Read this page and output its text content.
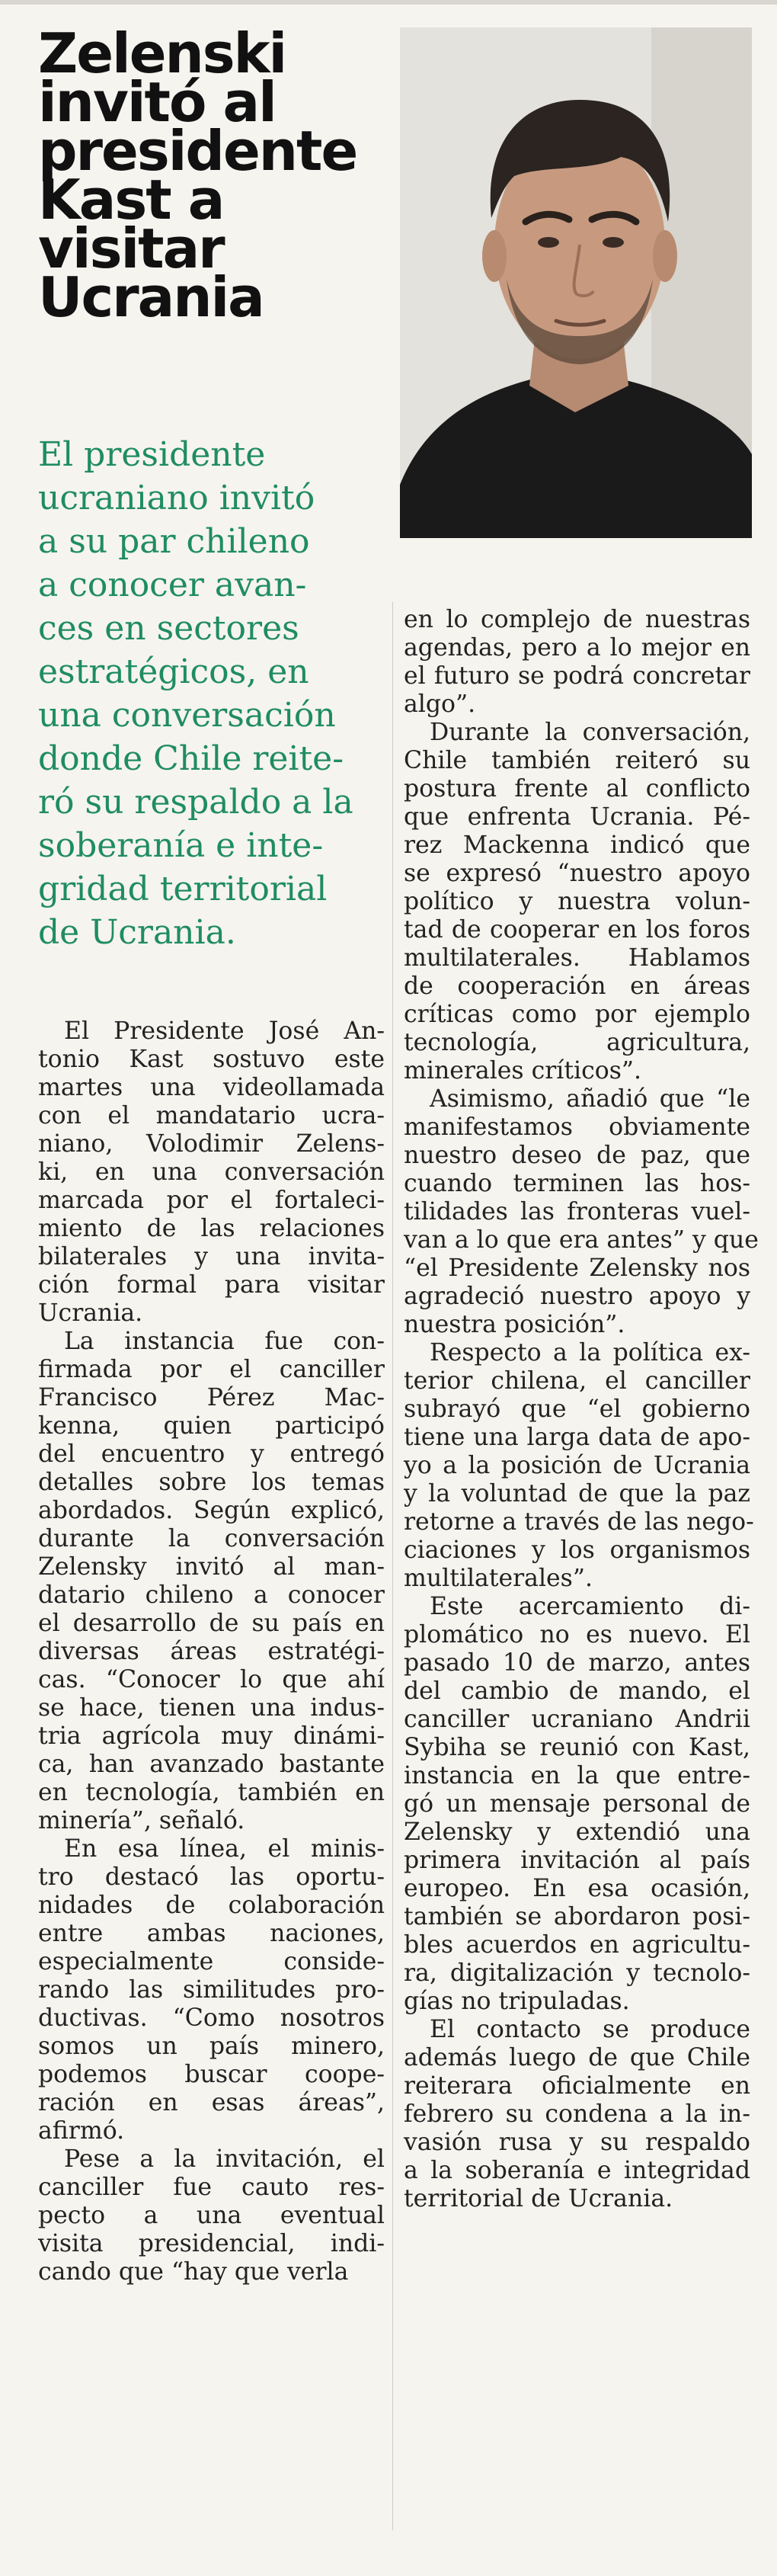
Zelenski
invitó al
presidente
Kast a
visitar
Ucrania

El presidente
ucraniano invitó
a su par chileno
a conocer avan-
ces en sectores
estratégicos, en
una conversación
donde Chile reite-
ró su respaldo a la
soberanía e inte-
gridad territorial
de Ucrania.

El Presidente José An-
tonio Kast sostuvo este
martes una videollamada
con el mandatario ucra-
niano, Volodimir Zelens-
ki, en una conversación
marcada por el fortaleci-
miento de las relaciones
bilaterales y una invita-
ción formal para visitar
Ucrania.

La instancia fue con-
firmada por el canciller
Francisco Pérez Mac-
kenna, quien participó
del encuentro y entregó
detalles sobre los temas
abordados. Según explicó,
durante la conversación
Zelensky invitó al man-
datario chileno a conocer
el desarrollo de su país en
diversas áreas estratégi-
cas. “Conocer lo que ahí
se hace, tienen una indus-
tria agrícola muy dinámi-
ca, han avanzado bastante
en tecnología, también en
minería”, señaló.

En esa línea, el minis-
tro destacó las oportu-
nidades de colaboración
entre ambas naciones,
especialmente conside-
rando las similitudes pro-
ductivas. “Como nosotros
somos un país minero,
podemos buscar coope-
ración en esas áreas”,
afirmó.

Pese a la invitación, el
canciller fue cauto res-
pecto a una eventual
visita presidencial, indi-
cando que “hay que verla

en lo complejo de nuestras
agendas, pero a lo mejor en
el futuro se podrá concretar
algo”.

Durante la conversación,
Chile también reiteró su
postura frente al conflicto
que enfrenta Ucrania. Pé-
rez Mackenna indicó que
se expresó “nuestro apoyo
político y nuestra volun-
tad de cooperar en los foros
multilaterales. Hablamos
de cooperación en áreas
críticas como por ejemplo
tecnología, agricultura,
minerales críticos”.

Asimismo, añadió que “le
manifestamos obviamente
nuestro deseo de paz, que
cuando terminen las hos-
tilidades las fronteras vuel-
van a lo que era antes” y que
“el Presidente Zelensky nos
agradeció nuestro apoyo y
nuestra posición”.

Respecto a la política ex-
terior chilena, el canciller
subrayó que “el gobierno
tiene una larga data de apo-
yo a la posición de Ucrania
y la voluntad de que la paz
retorne a través de las nego-
ciaciones y los organismos
multilaterales”.

Este acercamiento di-
plomático no es nuevo. El
pasado 10 de marzo, antes
del cambio de mando, el
canciller ucraniano Andrii
Sybiha se reunió con Kast,
instancia en la que entre-
gó un mensaje personal de
Zelensky y extendió una
primera invitación al país
europeo. En esa ocasión,
también se abordaron posi-
bles acuerdos en agricultu-
ra, digitalización y tecnolo-
gías no tripuladas.

El contacto se produce
además luego de que Chile
reiterara oficialmente en
febrero su condena a la in-
vasión rusa y su respaldo
a la soberanía e integridad
territorial de Ucrania.
